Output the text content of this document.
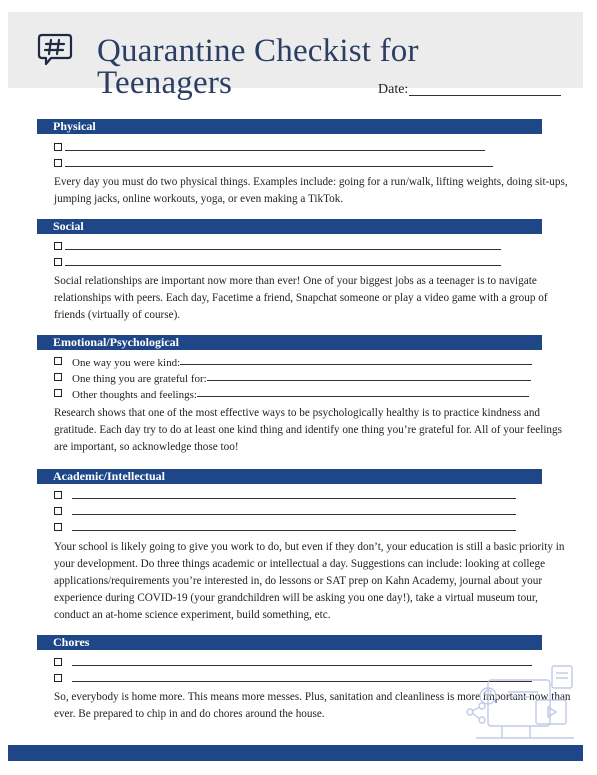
Quarantine Checkist for
Teenagers	Date:
Physical
Every day you must do two physical things. Examples include: going for a run/walk, lifting weights, doing sit-ups, jumping jacks, online workouts, yoga, or even making a TikTok.
Social
Social relationships are important now more than ever! One of your biggest jobs as a teenager is to navigate relationships with peers. Each day, Facetime a friend, Snapchat someone or play a video game with a group of friends (virtually of course).
Emotional/Psychological
One way you were kind:
One thing you are grateful for:
Other thoughts and feelings:
Research shows that one of the most effective ways to be psychologically healthy is to practice kindness and gratitude. Each day try to do at least one kind thing and identify one thing you’re grateful for. All of your feelings are important, so acknowledge those too!
Academic/Intellectual
Your school is likely going to give you work to do, but even if they don’t, your education is still a basic priority in your development. Do three things academic or intellectual a day. Suggestions can include: looking at college applications/requirements you’re interested in, do lessons or SAT prep on Kahn Academy, journal about your experience during COVID-19 (your grandchildren will be asking you one day!), take a virtual museum tour, conduct an at-home science experiment, build something, etc.
Chores
So, everybody is home more. This means more messes. Plus, sanitation and cleanliness is more important now than ever. Be prepared to chip in and do chores around the house.
